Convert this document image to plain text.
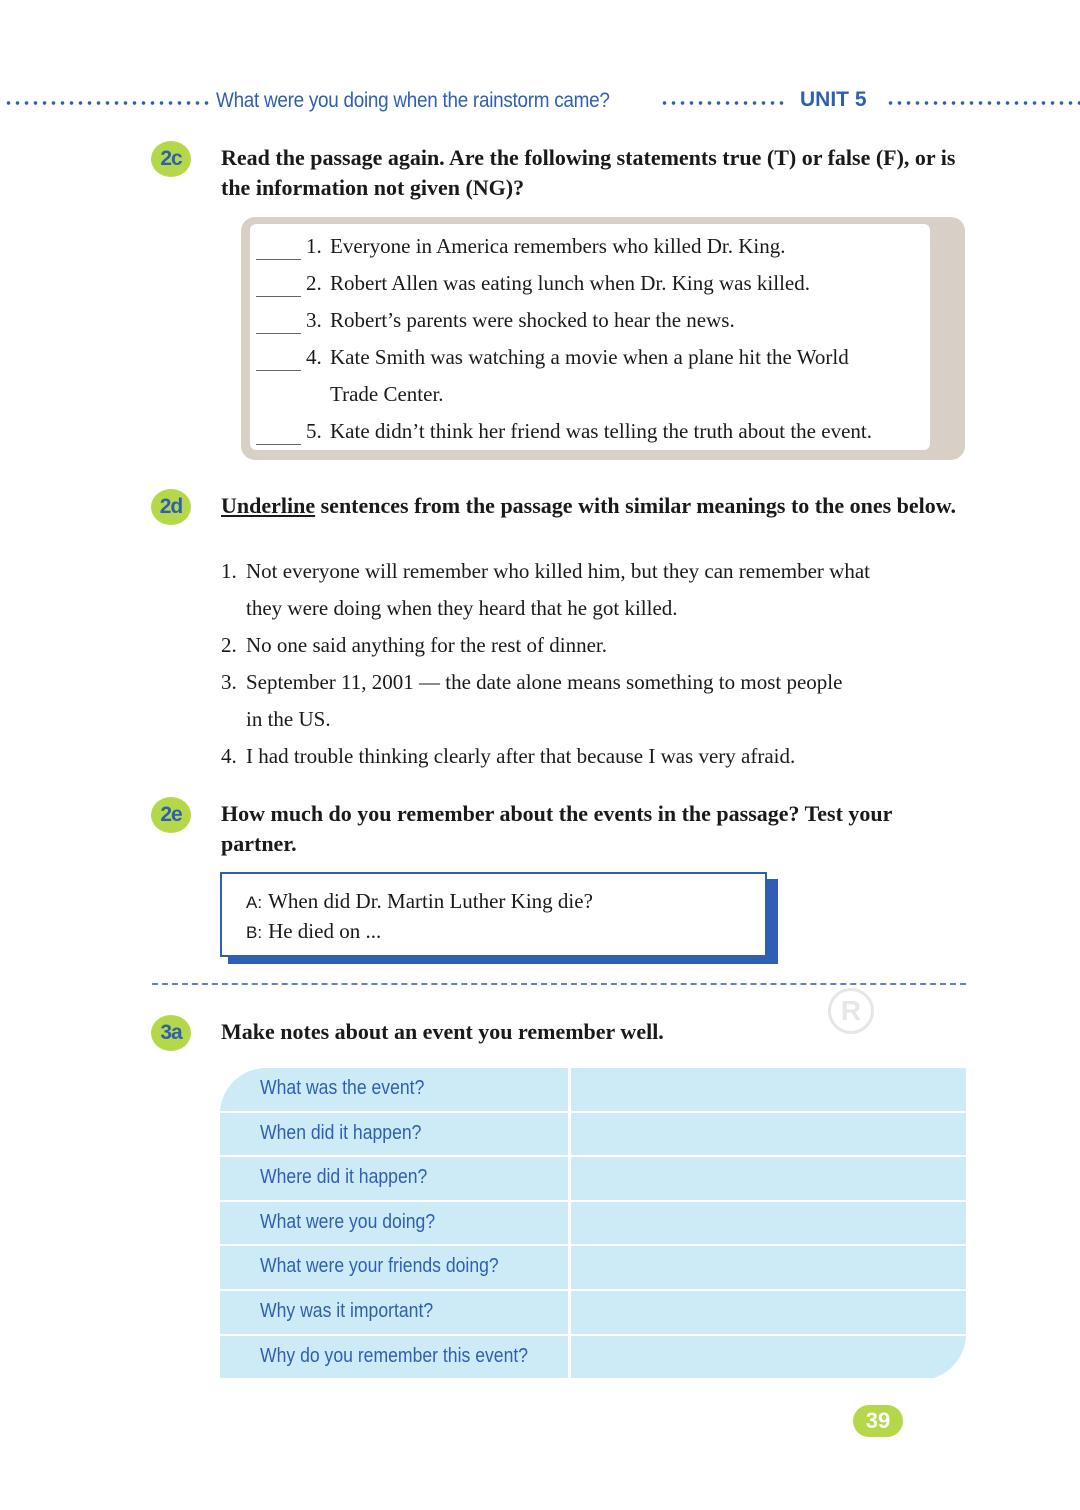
What were you doing when the rainstorm came?	UNIT 5
2c Read the passage again. Are the following statements true (T) or false (F), or is the information not given (NG)?
1. Everyone in America remembers who killed Dr. King.
2. Robert Allen was eating lunch when Dr. King was killed.
3. Robert’s parents were shocked to hear the news.
4. Kate Smith was watching a movie when a plane hit the World
Trade Center.
5. Kate didn’t think her friend was telling the truth about the event.
2d Underline sentences from the passage with similar meanings to the ones below.
1. Not everyone will remember who killed him, but they can remember what
they were doing when they heard that he got killed.
2. No one said anything for the rest of dinner.
3. September 11, 2001 — the date alone means something to most people
in the US.
4. I had trouble thinking clearly after that because I was very afraid.
2e How much do you remember about the events in the passage? Test your partner.
A: When did Dr. Martin Luther King die?
B: He died on ...
R
3a Make notes about an event you remember well.
What was the event?
When did it happen?
Where did it happen?
What were you doing?
What were your friends doing?
Why was it important?
Why do you remember this event?
39
